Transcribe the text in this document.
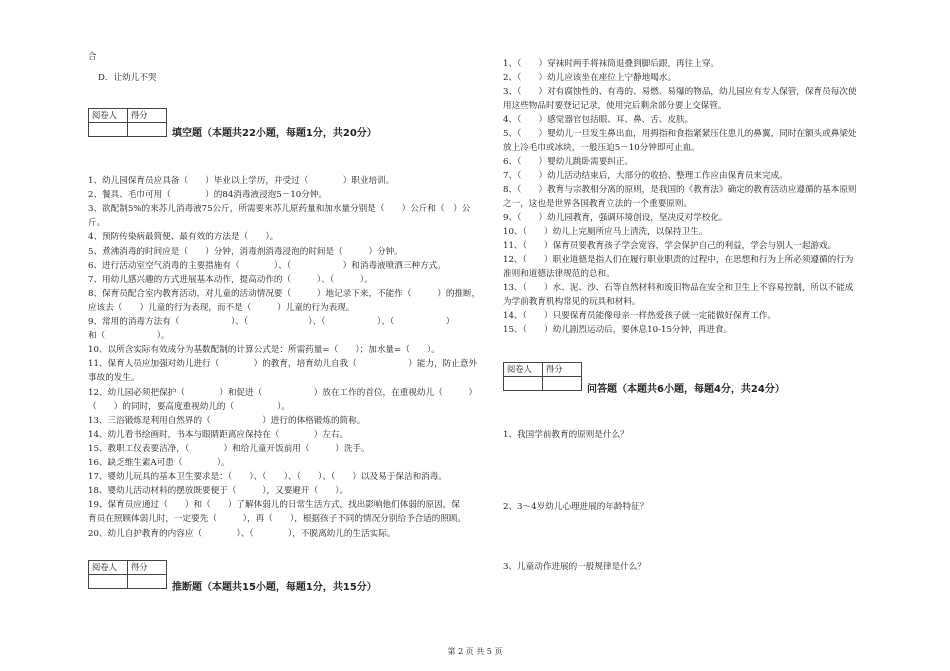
合
D．让幼儿不哭
阅卷人	得分

填空题（本题共22小题，每题1分，共20分）
1、幼儿园保育员应具备（　　）毕业以上学历，并受过（　　　　）职业培训。
2、餐具、毛巾可用（　　　　）的84消毒液浸泡5－10分钟。
3、欲配制5%的来苏儿消毒液75公斤，所需要来苏儿原药量和加水量分别是（　　）公斤和（　）公
斤。
4、预防传染病最简便、最有效的方法是（　　）。
5、煮沸消毒的时间应是（　　）分钟，消毒剂消毒浸泡的时间是（　　　）分钟。
6、进行活动室空气消毒的主要措施有（　　　　）、（　　　　　　）和消毒液喷洒三种方式。
7、用幼儿感兴趣的方式进展基本动作，提高动作的（　　　）、（　　　）。
8、保育员配合室内教育活动，对儿童的活动情况要（　　　）地记录下来，不能作（　　　）的推断，
应该去（　　）儿童的行为表现，而不是（　　　）儿童的行为表现。
9、常用的消毒方法有（　　　　　　）、（　　　　　　　）、（　　　　　　）、（　　　　　　）
和（　　　　　　）。
10、以所含实际有效成分为基数配制的计算公式是：所需药量=（　　）；加水量=（　　）。
11、保育人员应加强对幼儿进行（　　　　）的教育，培育幼儿自我（　　　　　　）能力，防止意外
事故的发生。
12、幼儿园必须把保护（　　　　）和促进（　　　　　　）放在工作的首位，在重视幼儿（　　　）
（　　）的同时，要高度重视幼儿的（　　　　　）。
13、三浴锻炼是利用自然界的（　　　　　　）进行的体格锻炼的简称。
14、幼儿看书绘画时，书本与眼睛距离应保持在（　　　　）左右。
15、教职工仪表要洁净，（　　　　）和给儿童开饭前用（　　　）洗手。
16、缺乏维生素A可患（　　　　）。
17、婴幼儿玩具的基本卫生要求是：（　　）、（　　）、（　　）、（　　）以及易于保洁和消毒。
18、婴幼儿活动材料的摆放既要便于（　　　），又要避开（　　）。
19、保育员应通过（　　）和（　　）了解体弱儿的日常生活方式，找出影响他们体弱的原因，保
育员在照顾体弱儿时，一定要先（　　　），再（　　），根据孩子不同的情况分别给予合适的照顾。
20、幼儿自护教育的内容应（　　　　）、（　　　　），不脱离幼儿的生活实际。
阅卷人	得分

推断题（本题共15小题，每题1分，共15分）
1、（　　）穿袜时两手将袜筒退叠到脚后跟，再往上穿。
2、（　　）幼儿应该坐在座位上宁静地喝水。
3、（　　）对有腐蚀性的、有毒的、易燃、易爆的物品，幼儿园应有专人保管，保育员每次使
用这些物品时要登记记录，使用完后剩余部分要上交保管。
4、（　　）感觉器官包括眼、耳、鼻、舌、皮肤。
5、（　　）婴幼儿一旦发生鼻出血，用拇指和食指紧紧压住患儿的鼻翼，同时在额头或鼻梁处
放上冷毛巾或冰块，一般压迫5－10分钟即可止血。
6、（　　）婴幼儿跳卧需要纠正。
7、（　　）幼儿活动结束后，大部分的收拾、整理工作应由保育员来完成。
8、（　　）教育与宗教相分离的原则，是我国的《教育法》确定的教育活动应遵循的基本原则
之一，这也是世界各国教育立法的一个重要原则。
9、（　　）幼儿园教育，强调环境创设，坚决反对学校化。
10、（　　）幼儿上完厕所应马上清洗，以保持卫生。
11、（　　）保育员要教育孩子学会宽容，学会保护自己的利益，学会与别人一起游戏。
12、（　　）职业道德是指人们在履行职业职责的过程中，在思想和行为上所必须遵循的行为
准则和道德法律规范的总和。
13、（　　）水、泥、沙、石等自然材料和废旧物品在安全和卫生上不容易控制，所以不能成
为学前教育机构常见的玩具和材料。
14、（　　）只要保育员能像母亲一样热爱孩子就一定能做好保育工作。
15、（　　）幼儿剧烈运动后，要休息10-15分钟，再进食。
阅卷人	得分

问答题（本题共6小题，每题4分，共24分）
1、我国学前教育的原则是什么？
2、3～4岁幼儿心理进展的年龄特征？
3、儿童动作进展的一般规律是什么？
第 2 页 共 5 页
